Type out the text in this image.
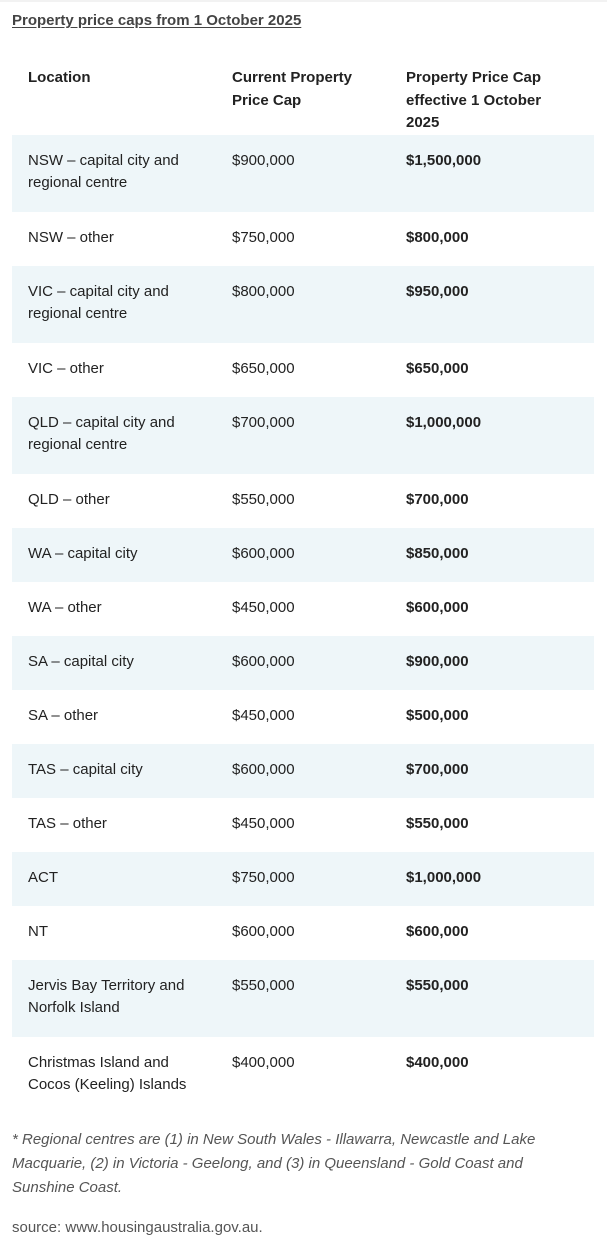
Property price caps from 1 October 2025
Location	Current Property Price Cap	Property Price Cap effective 1 October 2025
NSW – capital city and regional centre	$900,000	$1,500,000
NSW – other	$750,000	$800,000
VIC – capital city and regional centre	$800,000	$950,000
VIC – other	$650,000	$650,000
QLD – capital city and regional centre	$700,000	$1,000,000
QLD – other	$550,000	$700,000
WA – capital city	$600,000	$850,000
WA – other	$450,000	$600,000
SA – capital city	$600,000	$900,000
SA – other	$450,000	$500,000
TAS – capital city	$600,000	$700,000
TAS – other	$450,000	$550,000
ACT	$750,000	$1,000,000
NT	$600,000	$600,000
Jervis Bay Territory and Norfolk Island	$550,000	$550,000
Christmas Island and Cocos (Keeling) Islands	$400,000	$400,000
* Regional centres are (1) in New South Wales - Illawarra, Newcastle and Lake Macquarie, (2) in Victoria - Geelong, and (3) in Queensland - Gold Coast and Sunshine Coast.
source: www.housingaustralia.gov.au.
